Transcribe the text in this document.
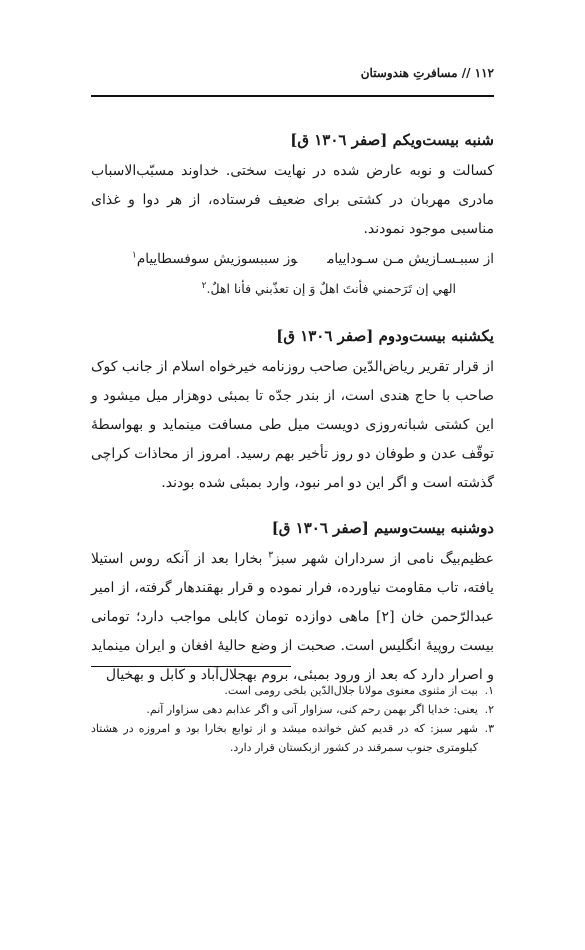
۱۱۲ // مسافرتِ هندوستان
شنبه بیست‌ویکم [صفر ۱۳۰٦ ق]

کسالت و نوبه عارض شده در نهایت سختی. خداوند مسبّب‌الاسباب مادری مهربان در کشتی برای ضعیف فرستاده، از هر دوا و غذای مناسبی موجود نمودند.

از سببـسـازیش مـن سـوداییاموز سببسوزیش سوفسطاییام$^۱$

الهي إن تَرَحمني فأنتَ اهلٌ وَ إن تعذّبني فأنا اهلٌ.$^۲$

یکشنبه بیست‌ودوم [صفر ۱۳۰٦ ق]

از قرار تقریر ریاض‌الدّین صاحب روزنامه خیرخواه اسلام از جانب کوک صاحب با حاج هندی است، از بندر جدّه تا بمبئی دوهزار میل میشود و این کشتی شبانه‌روزی دویست میل طی مسافت مینماید و بهواسطهٔ توقّف عدن و طوفان دو روز تأخیر بهم رسید. امروز از محاذات کراچی گذشته است و اگر این دو امر نبود، وارد بمبئی شده بودند.

دوشنبه بیست‌وسیم [صفر ۱۳۰٦ ق]

عظیم‌بیگ نامی از سرداران شهر سبز$^۳$ بخارا بعد از آنکه روس استیلا یافته، تاب مقاومت نیاورده، فرار نموده و قرار بهقندهار گرفته، از امیر عبدالرّحمن خان [۲] ماهی دوازده تومان کابلی مواجب دارد؛ تومانی بیست روپیهٔ انگلیس است. صحبت از وضع حالیهٔ افغان و ایران مینماید و اصرار دارد که بعد از ورود بمبئی، بروم بهجلال‌آباد و کابل و بهخیال

۱.
بیت از مثنوی معنوی مولانا جلال‌الدّین بلخی رومی است.

۲.
یعنی: خدایا اگر بهمن رحم کنی، سزاوار آنی و اگر عذابم دهی سزاوار آنم.

۳.
شهر سبز: که در قدیم کش خوانده میشد و از توابع بخارا بود و امروزه در هشتاد کیلومتری جنوب سمرقند در کشور ازبکستان قرار دارد.
